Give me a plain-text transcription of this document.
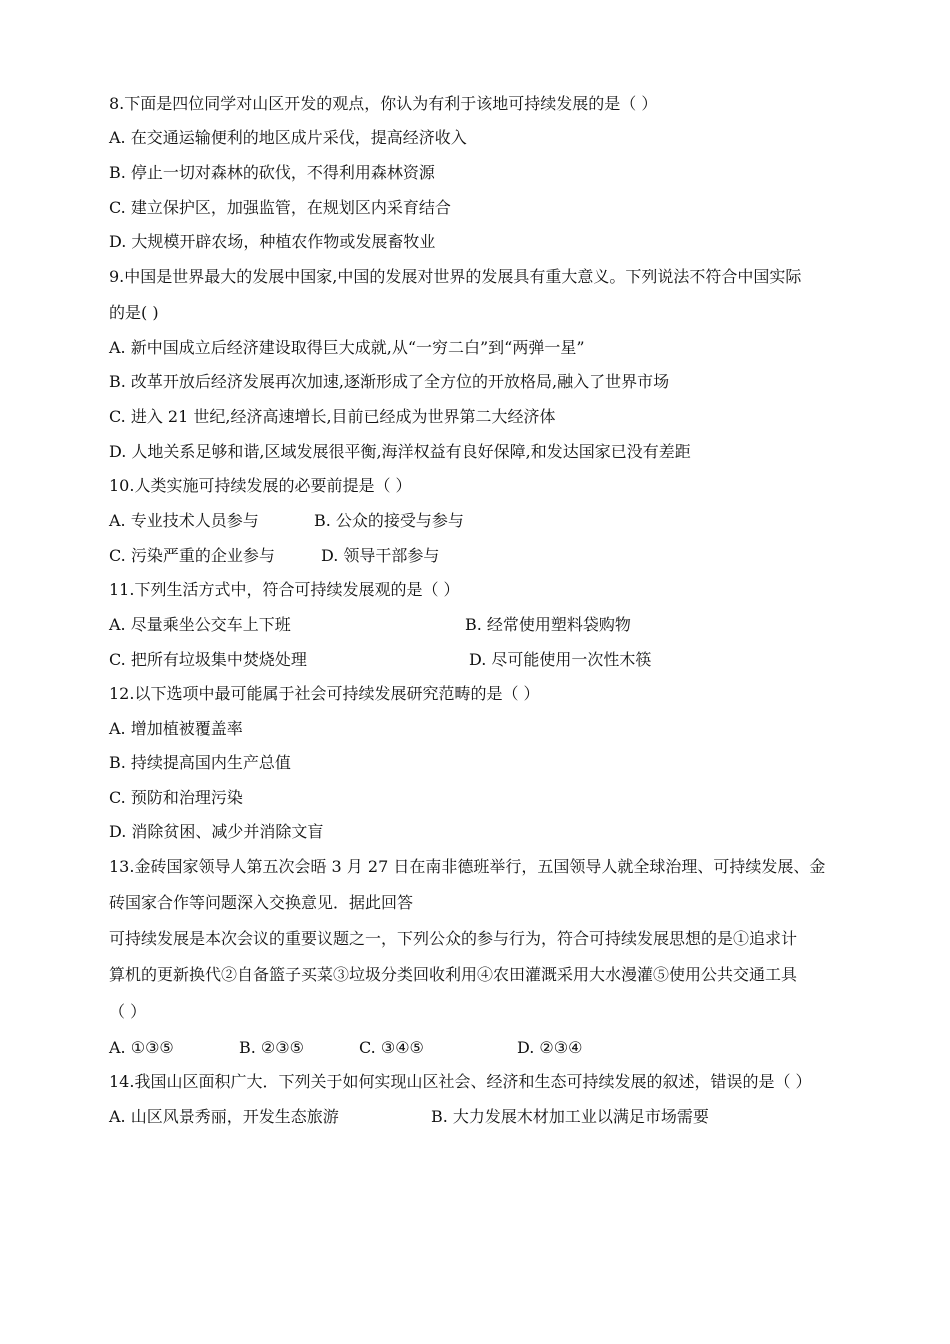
8.下面是四位同学对山区开发的观点，你认为有利于该地可持续发展的是（ ）
A. 在交通运输便利的地区成片采伐，提高经济收入
B. 停止一切对森林的砍伐，不得利用森林资源
C. 建立保护区，加强监管，在规划区内采育结合
D. 大规模开辟农场，种植农作物或发展畜牧业
9.中国是世界最大的发展中国家,中国的发展对世界的发展具有重大意义。下列说法不符合中国实际
的是( )
A. 新中国成立后经济建设取得巨大成就,从“一穷二白”到“两弹一星”
B. 改革开放后经济发展再次加速,逐渐形成了全方位的开放格局,融入了世界市场
C. 进入 21 世纪,经济高速增长,目前已经成为世界第二大经济体
D. 人地关系足够和谐,区域发展很平衡,海洋权益有良好保障,和发达国家已没有差距
10.人类实施可持续发展的必要前提是（ ）
A. 专业技术人员参与	B. 公众的接受与参与
C. 污染严重的企业参与	D. 领导干部参与
11.下列生活方式中，符合可持续发展观的是（ ）
A. 尽量乘坐公交车上下班	B. 经常使用塑料袋购物
C. 把所有垃圾集中焚烧处理	D. 尽可能使用一次性木筷
12.以下选项中最可能属于社会可持续发展研究范畴的是（ ）
A. 增加植被覆盖率
B. 持续提高国内生产总值
C. 预防和治理污染
D. 消除贫困、减少并消除文盲
13.金砖国家领导人第五次会晤 3 月 27 日在南非德班举行，五国领导人就全球治理、可持续发展、金
砖国家合作等问题深入交换意见．据此回答
可持续发展是本次会议的重要议题之一，下列公众的参与行为，符合可持续发展思想的是①追求计
算机的更新换代②自备篮子买菜③垃圾分类回收利用④农田灌溉采用大水漫灌⑤使用公共交通工具
（ ）
A. ①③⑤	B. ②③⑤	C. ③④⑤	D. ②③④
14.我国山区面积广大．下列关于如何实现山区社会、经济和生态可持续发展的叙述，错误的是（ ）
A. 山区风景秀丽，开发生态旅游	B. 大力发展木材加工业以满足市场需要
